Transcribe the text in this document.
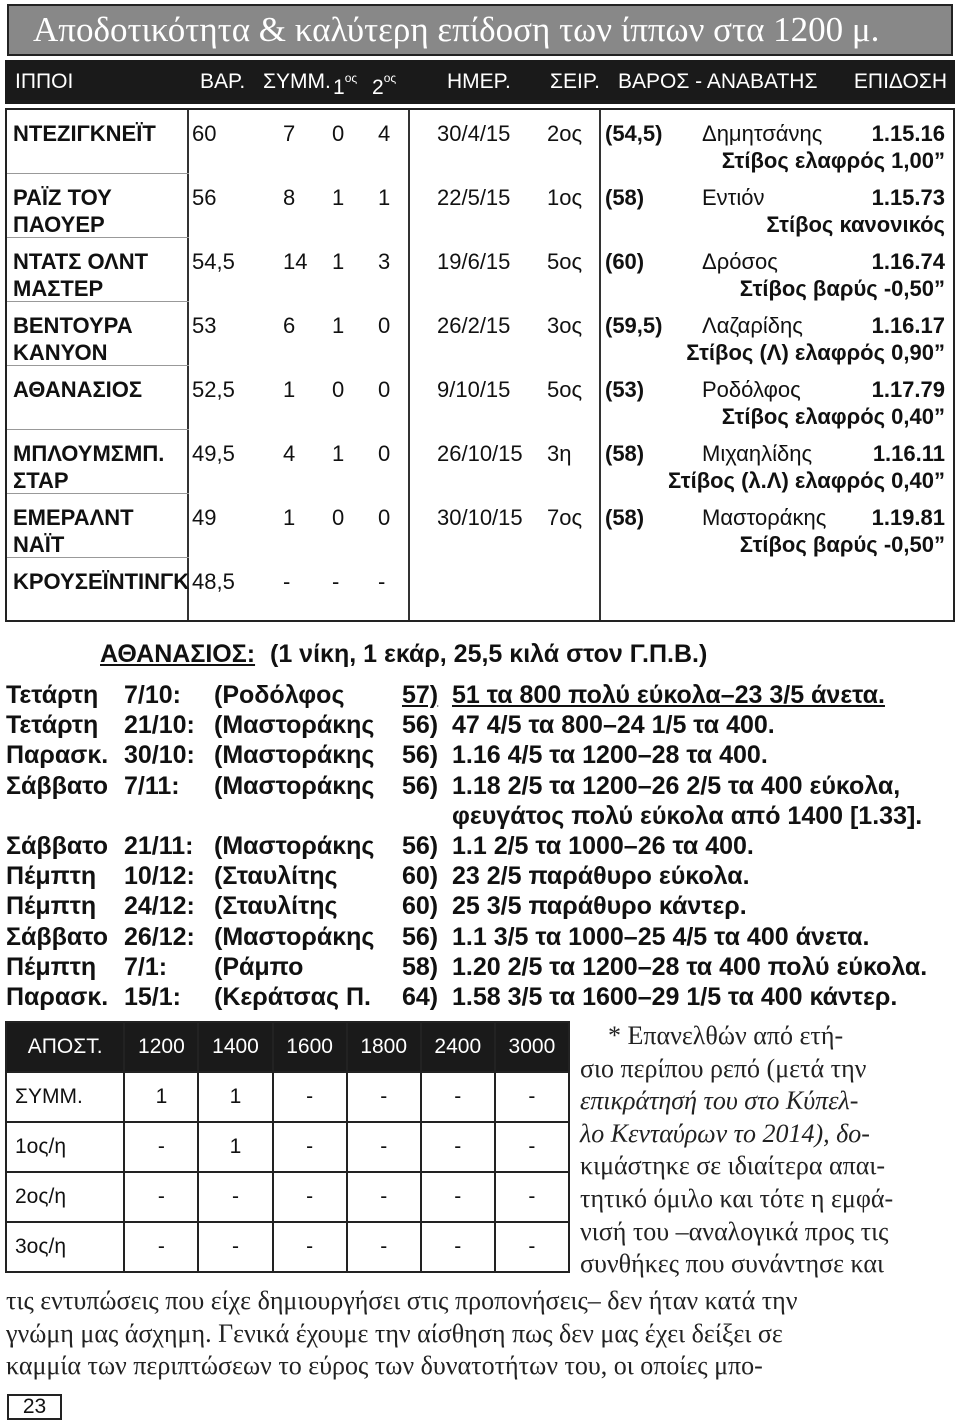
Αποδοτικότητα & καλύτερη επίδοση των ίππων στα 1200 μ.
ΙΠΠΟΙ	ΒΑΡ. ΣΥΜΜ. $1^{o\varsigma}$ $2^{o\varsigma}$ ΗΜΕΡ. ΣΕΙΡ. ΒΑΡΟΣ - ΑΝΑΒΑΤΗΣ ΕΠΙΔΟΣΗ
ΝΤΕΖΙΓΚΝΕΪΤ 60	7 0 4 30/4/15 2ος (54,5) Δημητσάνης 1.15.16
Στίβος ελαφρός 1,00”
ΡΑΪΖ ΤΟΥ
ΠΑΟΥΕΡ
56	8 1 1 22/5/15 1ος (58)	Εντιόν	1.15.73
Στίβος κανονικός
ΝΤΑΤΣ ΟΛΝΤ
ΜΑΣΤΕΡ
54,5 14 1 3 19/6/15 5ος (60)	Δρόσος	1.16.74
Στίβος βαρύς -0,50”
ΒΕΝΤΟΥΡΑ
ΚΑΝΥΟΝ
53	6 1 0 26/2/15 3ος (59,5) Λαζαρίδης	1.16.17
Στίβος (Λ) ελαφρός 0,90”
ΑΘΑΝΑΣΙΟΣ 52,5 1 0 0 9/10/15 5ος (53)	Ροδόλφος	1.17.79
Στίβος ελαφρός 0,40”
ΜΠΛΟΥΜΣΜΠ.
ΣΤΑΡ
49,5 4 1 0 26/10/15 3η (58)	Μιχαηλίδης	1.16.11
Στίβος (λ.Λ) ελαφρός 0,40”
ΕΜΕΡΑΛΝΤ
ΝΑΪΤ
49	1 0 0 30/10/15 7ος (58)	Μαστοράκης 1.19.81
Στίβος βαρύς -0,50”
ΚΡΟΥΣΕΪΝΤΙΝΓΚ 48,5 - - -
ΑΘΑΝΑΣΙΟΣ: (1 νίκη, 1 εκάρ, 25,5 κιλά στον Γ.Π.Β.)
Τετάρτη 7/10: (Ροδόλφος 57) 51 τα 800 πολύ εύκολα–23 3/5 άνετα.
Τετάρτη 21/10: (Μαστοράκης 56) 47 4/5 τα 800–24 1/5 τα 400.
Παρασκ. 30/10: (Μαστοράκης 56) 1.16 4/5 τα 1200–28 τα 400.
Σάββατο 7/11: (Μαστοράκης 56) 1.18 2/5 τα 1200–26 2/5 τα 400 εύκολα,
φευγάτος πολύ εύκολα από 1400 [1.33].
Σάββατο 21/11: (Μαστοράκης 56) 1.1 2/5 τα 1000–26 τα 400.
Πέμπτη 10/12: (Σταυλίτης	60) 23 2/5 παράθυρο εύκολα.
Πέμπτη 24/12: (Σταυλίτης	60) 25 3/5 παράθυρο κάντερ.
Σάββατο 26/12: (Μαστοράκης 56) 1.1 3/5 τα 1000–25 4/5 τα 400 άνετα.
Πέμπτη 7/1: (Ράμπο	58) 1.20 2/5 τα 1200–28 τα 400 πολύ εύκολα.
Παρασκ. 15/1: (Κεράτσας Π. 64) 1.58 3/5 τα 1600–29 1/5 τα 400 κάντερ.
ΑΠΟΣΤ.	1200	1400	1600	1800	2400	3000
ΣΥΜΜ.	1	1	-	-	-	-
1ος/η	-	1	-	-	-	-
2ος/η	-	-	-	-	-	-
3ος/η	-	-	-	-	-	-
* Επανελθών από ετή-
σιο περίπου ρεπό (μετά την
επικράτησή του στο Κύπελ-
λο Κενταύρων το 2014), δο-
κιμάστηκε σε ιδιαίτερα απαι-
τητικό όμιλο και τότε η εμφά-
νισή του –αναλογικά προς τις
συνθήκες που συνάντησε και
τις εντυπώσεις που είχε δημιουργήσει στις προπονήσεις– δεν ήταν κατά την
γνώμη μας άσχημη. Γενικά έχουμε την αίσθηση πως δεν μας έχει δείξει σε
καμμία των περιπτώσεων το εύρος των δυνατοτήτων του, οι οποίες μπο-
23
